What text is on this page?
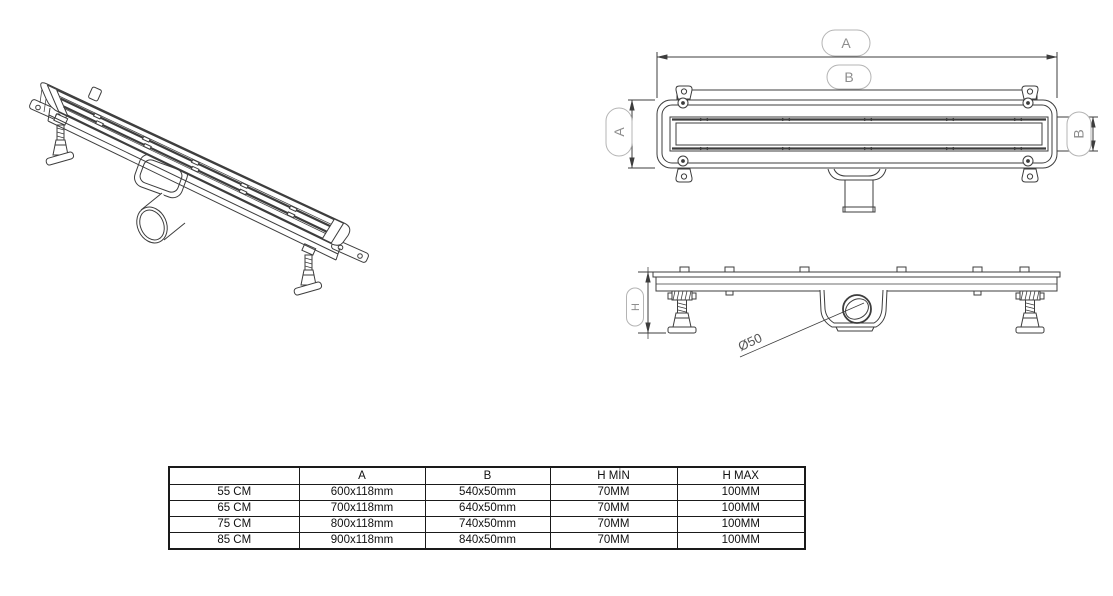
A
B
A	B
H
Ø50
	A	B	H MİN	H MAX
55 CM	600x118mm	540x50mm	70MM	100MM
65 CM	700x118mm	640x50mm	70MM	100MM
75 CM	800x118mm	740x50mm	70MM	100MM
85 CM	900x118mm	840x50mm	70MM	100MM
